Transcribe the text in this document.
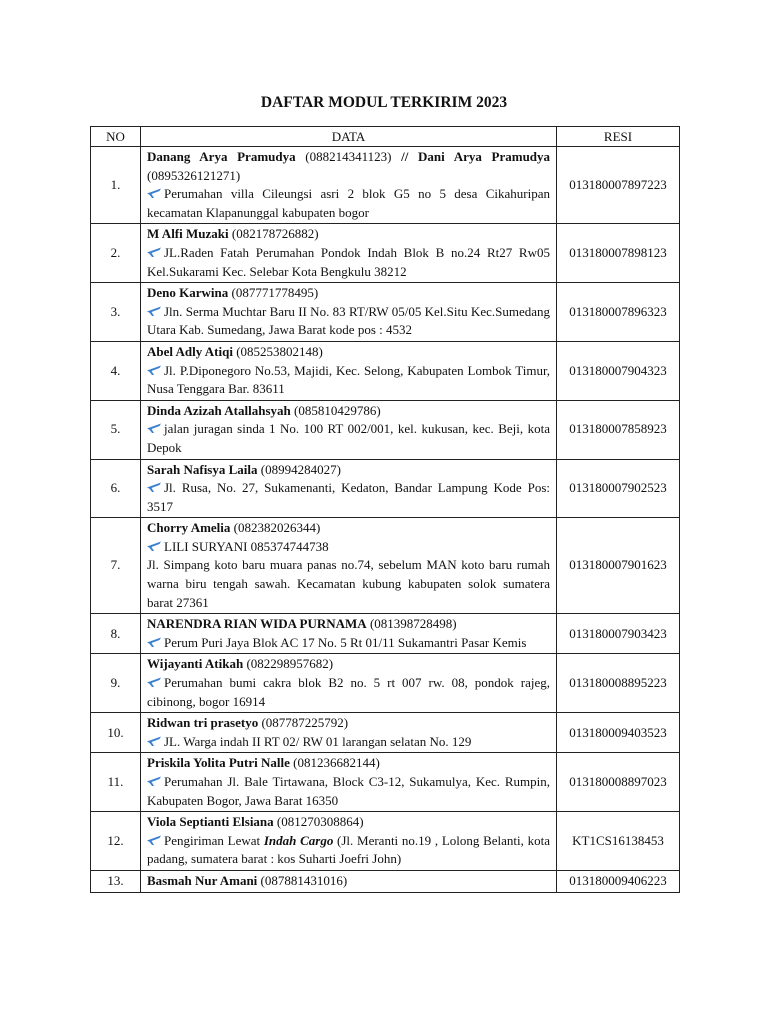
DAFTAR MODUL TERKIRIM 2023
NO	DATA	RESI
1.	Danang Arya Pramudya (088214341123) // Dani Arya Pramudya (0895326121271)
Perumahan villa Cileungsi asri 2 blok G5 no 5 desa Cikahuripan kecamatan Klapanunggal kabupaten bogor	013180007897223
2.	M Alfi Muzaki (082178726882)
JL.Raden Fatah Perumahan Pondok Indah Blok B no.24 Rt27 Rw05 Kel.Sukarami Kec. Selebar Kota Bengkulu 38212	013180007898123
3.	Deno Karwina (087771778495)
Jln. Serma Muchtar Baru II No. 83 RT/RW 05/05 Kel.Situ Kec.Sumedang Utara Kab. Sumedang, Jawa Barat kode pos : 4532	013180007896323
4.	Abel Adly Atiqi (085253802148)
Jl. P.Diponegoro No.53, Majidi, Kec. Selong, Kabupaten Lombok Timur, Nusa Tenggara Bar. 83611	013180007904323
5.	Dinda Azizah Atallahsyah (085810429786)
jalan juragan sinda 1 No. 100 RT 002/001, kel. kukusan, kec. Beji, kota Depok	013180007858923
6.	Sarah Nafisya Laila (08994284027)
Jl. Rusa, No. 27, Sukamenanti, Kedaton, Bandar Lampung Kode Pos: 3517	013180007902523
7.	Chorry Amelia (082382026344)
LILI SURYANI 085374744738
Jl. Simpang koto baru muara panas no.74, sebelum MAN koto baru rumah warna biru tengah sawah. Kecamatan kubung kabupaten solok sumatera barat 27361	013180007901623
8.	NARENDRA RIAN WIDA PURNAMA (081398728498)
Perum Puri Jaya Blok AC 17 No. 5 Rt 01/11 Sukamantri Pasar Kemis	013180007903423
9.	Wijayanti Atikah (082298957682)
Perumahan bumi cakra blok B2 no. 5 rt 007 rw. 08, pondok rajeg, cibinong, bogor 16914	013180008895223
10.	Ridwan tri prasetyo (087787225792)
JL. Warga indah II RT 02/ RW 01 larangan selatan No. 129	013180009403523
11.	Priskila Yolita Putri Nalle (081236682144)
Perumahan Jl. Bale Tirtawana, Block C3-12, Sukamulya, Kec. Rumpin, Kabupaten Bogor, Jawa Barat 16350	013180008897023
12.	Viola Septianti Elsiana (081270308864)
Pengiriman Lewat Indah Cargo (Jl. Meranti no.19 , Lolong Belanti, kota padang, sumatera barat : kos Suharti Joefri John)	KT1CS16138453
13.	Basmah Nur Amani (087881431016)	013180009406223
